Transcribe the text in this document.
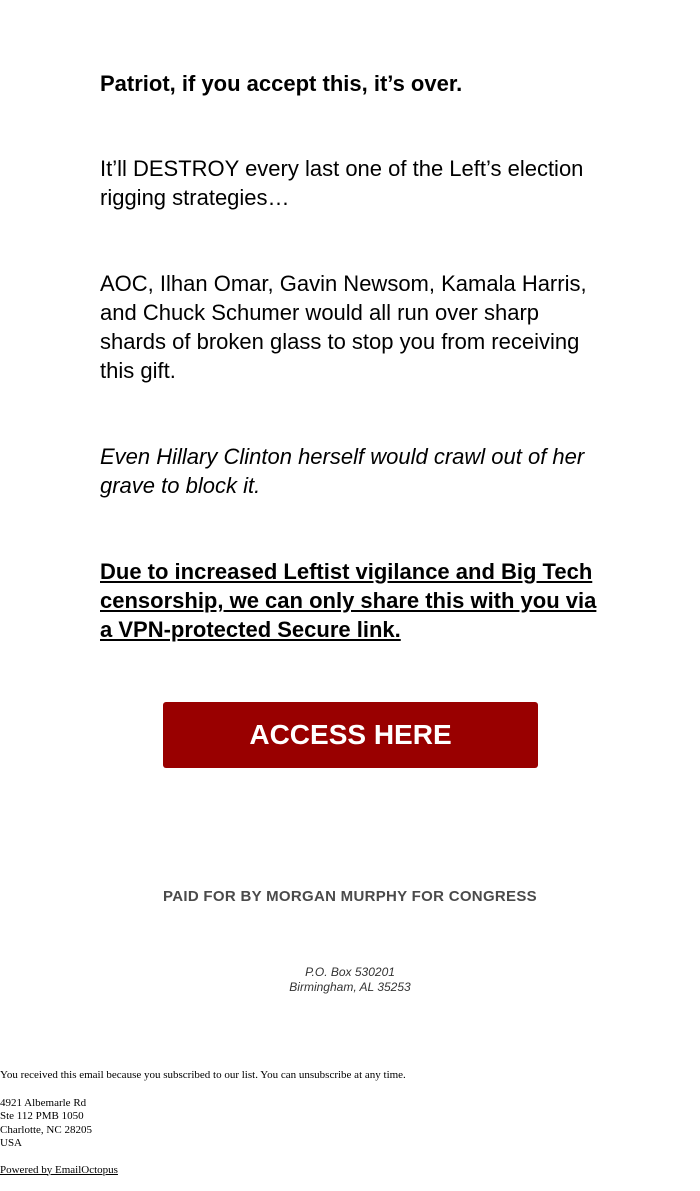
Patriot, if you accept this, it’s over.
It’ll DESTROY every last one of the Left’s election rigging strategies…
AOC, Ilhan Omar, Gavin Newsom, Kamala Harris, and Chuck Schumer would all run over sharp shards of broken glass to stop you from receiving this gift.
Even Hillary Clinton herself would crawl out of her grave to block it.
Due to increased Leftist vigilance and Big Tech censorship, we can only share this with you via a VPN-protected Secure link.
ACCESS HERE
PAID FOR BY MORGAN MURPHY FOR CONGRESS
P.O. Box 530201
Birmingham, AL 35253
You received this email because you subscribed to our list. You can unsubscribe at any time.
4921 Albemarle Rd
Ste 112 PMB 1050
Charlotte, NC 28205
USA
Powered by EmailOctopus
